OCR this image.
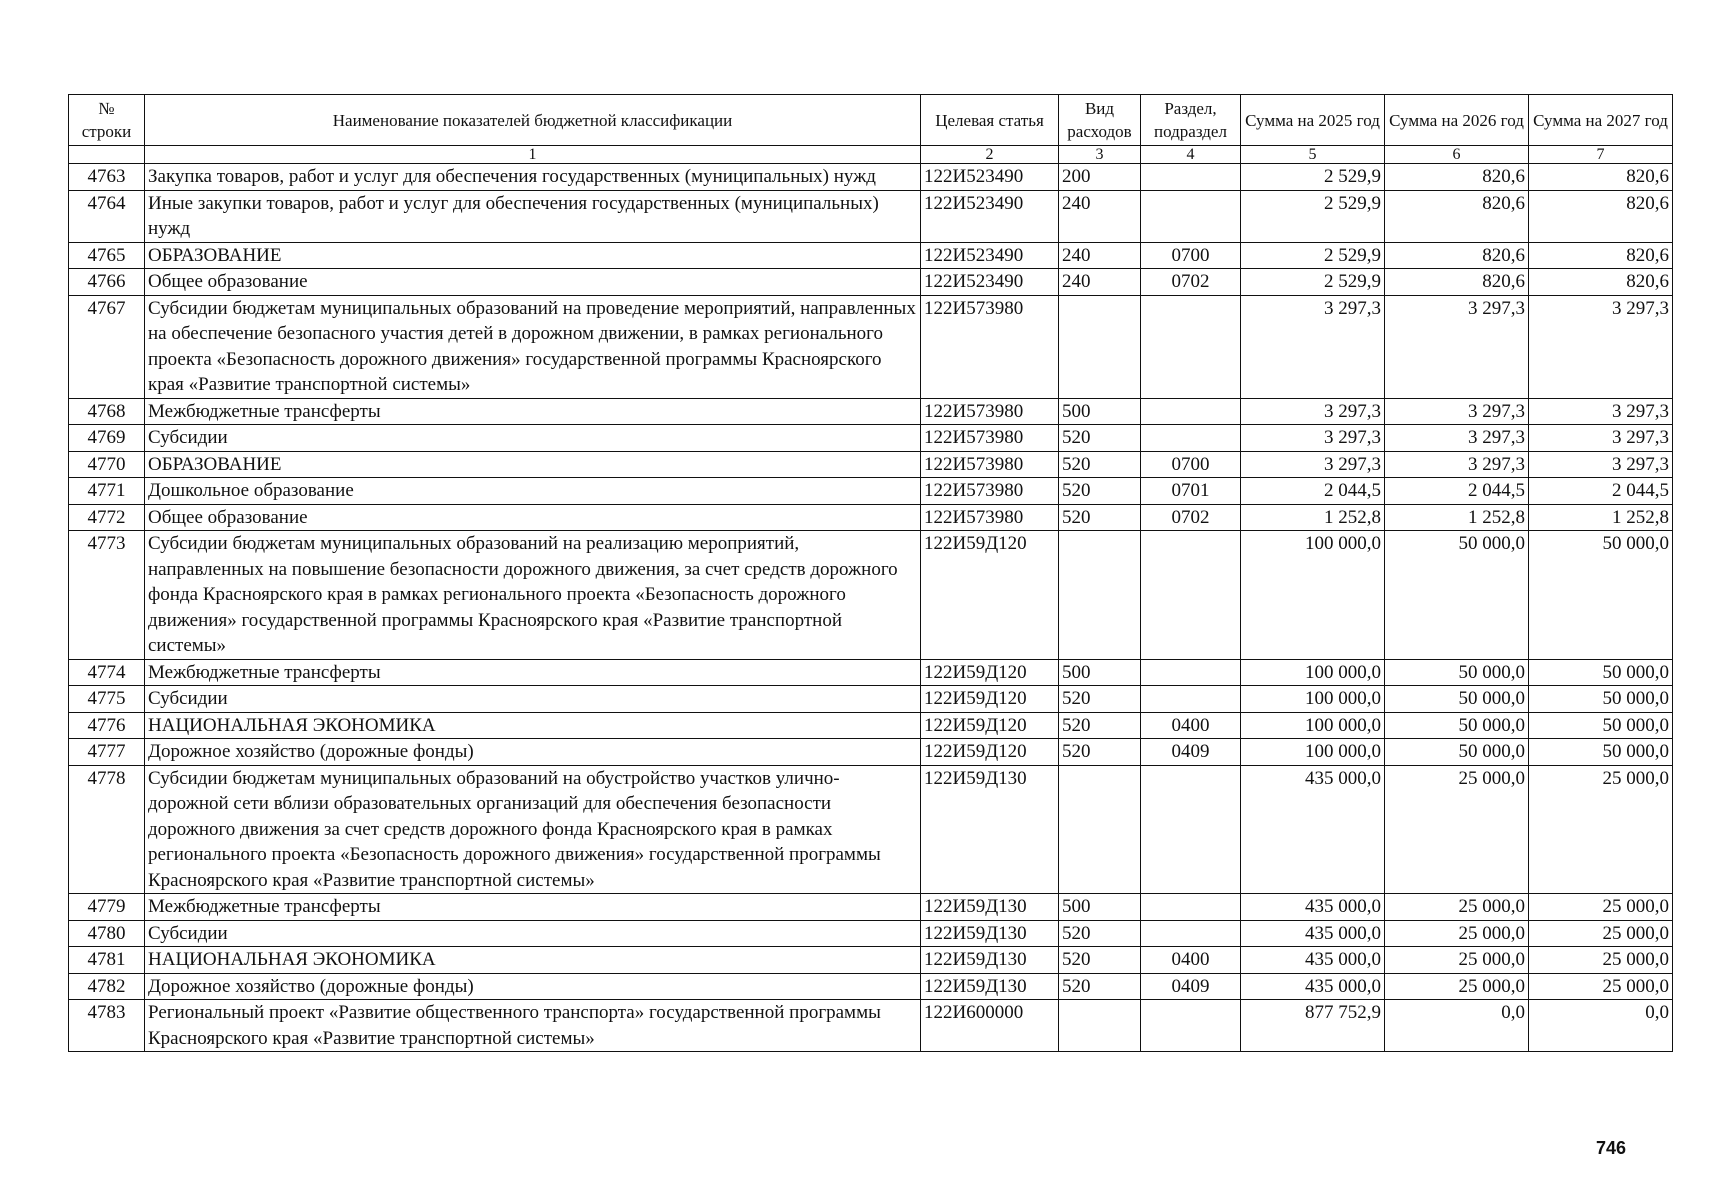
№ строки	Наименование показателей бюджетной классификации	Целевая статья	Вид расходов	Раздел, подраздел	Сумма на 2025 год	Сумма на 2026 год	Сумма на 2027 год
	1	2	3	4	5	6	7
4763	Закупка товаров, работ и услуг для обеспечения государственных (муниципальных) нужд	122И523490	200		2 529,9	820,6	820,6
4764	Иные закупки товаров, работ и услуг для обеспечения государственных (муниципальных) нужд	122И523490	240		2 529,9	820,6	820,6
4765	ОБРАЗОВАНИЕ	122И523490	240	0700	2 529,9	820,6	820,6
4766	Общее образование	122И523490	240	0702	2 529,9	820,6	820,6
4767	Субсидии бюджетам муниципальных образований на проведение мероприятий, направленных на обеспечение безопасного участия детей в дорожном движении, в рамках регионального проекта «Безопасность дорожного движения» государственной программы Красноярского края «Развитие транспортной системы»	122И573980			3 297,3	3 297,3	3 297,3
4768	Межбюджетные трансферты	122И573980	500		3 297,3	3 297,3	3 297,3
4769	Субсидии	122И573980	520		3 297,3	3 297,3	3 297,3
4770	ОБРАЗОВАНИЕ	122И573980	520	0700	3 297,3	3 297,3	3 297,3
4771	Дошкольное образование	122И573980	520	0701	2 044,5	2 044,5	2 044,5
4772	Общее образование	122И573980	520	0702	1 252,8	1 252,8	1 252,8
4773	Субсидии бюджетам муниципальных образований на реализацию мероприятий, направленных на повышение безопасности дорожного движения, за счет средств дорожного фонда Красноярского края в рамках регионального проекта «Безопасность дорожного движения» государственной программы Красноярского края «Развитие транспортной системы»	122И59Д120			100 000,0	50 000,0	50 000,0
4774	Межбюджетные трансферты	122И59Д120	500		100 000,0	50 000,0	50 000,0
4775	Субсидии	122И59Д120	520		100 000,0	50 000,0	50 000,0
4776	НАЦИОНАЛЬНАЯ ЭКОНОМИКА	122И59Д120	520	0400	100 000,0	50 000,0	50 000,0
4777	Дорожное хозяйство (дорожные фонды)	122И59Д120	520	0409	100 000,0	50 000,0	50 000,0
4778	Субсидии бюджетам муниципальных образований на обустройство участков улично-дорожной сети вблизи образовательных организаций для обеспечения безопасности дорожного движения за счет средств дорожного фонда Красноярского края в рамках регионального проекта «Безопасность дорожного движения» государственной программы Красноярского края «Развитие транспортной системы»	122И59Д130			435 000,0	25 000,0	25 000,0
4779	Межбюджетные трансферты	122И59Д130	500		435 000,0	25 000,0	25 000,0
4780	Субсидии	122И59Д130	520		435 000,0	25 000,0	25 000,0
4781	НАЦИОНАЛЬНАЯ ЭКОНОМИКА	122И59Д130	520	0400	435 000,0	25 000,0	25 000,0
4782	Дорожное хозяйство (дорожные фонды)	122И59Д130	520	0409	435 000,0	25 000,0	25 000,0
4783	Региональный проект «Развитие общественного транспорта» государственной программы Красноярского края «Развитие транспортной системы»	122И600000			877 752,9	0,0	0,0
746
